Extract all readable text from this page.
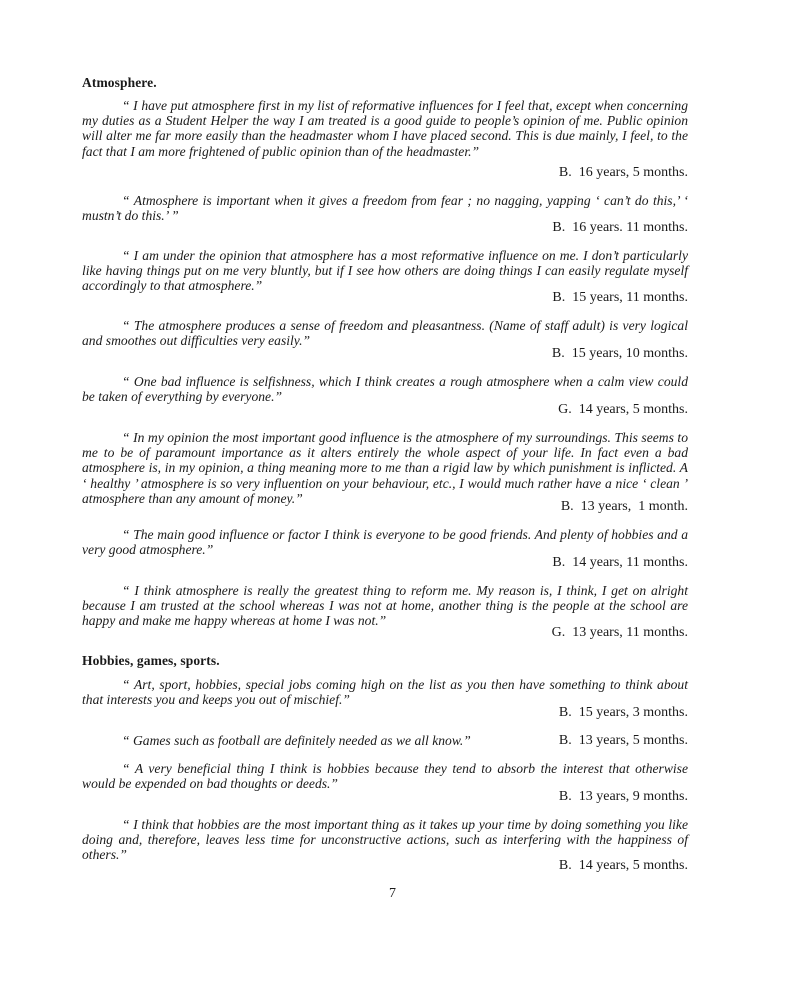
Atmosphere.
“ I have put atmosphere first in my list of reformative influences for I feel that, except when concerning my duties as a Student Helper the way I am treated is a good guide to people’s opinion of me. Public opinion will alter me far more easily than the headmaster whom I have placed second. This is due mainly, I feel, to the fact that I am more frightened of public opinion than of the headmaster.”
B.  16 years, 5 months.
“ Atmosphere is important when it gives a freedom from fear ; no nagging, yapping ‘ can’t do this,’ ‘ mustn’t do this.’ ”
B.  16 years. 11 months.
“ I am under the opinion that atmosphere has a most reformative influence on me. I don’t particularly like having things put on me very bluntly, but if I see how others are doing things I can easily regulate myself accordingly to that atmosphere.”
B.  15 years, 11 months.
“ The atmosphere produces a sense of freedom and pleasantness. (Name of staff adult) is very logical and smoothes out difficulties very easily.”
B.  15 years, 10 months.
“ One bad influence is selfishness, which I think creates a rough atmosphere when a calm view could be taken of everything by everyone.”
G.  14 years, 5 months.
“ In my opinion the most important good influence is the atmosphere of my surroundings. This seems to me to be of paramount importance as it alters entirely the whole aspect of your life. In fact even a bad atmosphere is, in my opinion, a thing meaning more to me than a rigid law by which punishment is inflicted. A ‘ healthy ’ atmosphere is so very influention on your behaviour, etc., I would much rather have a nice ‘ clean ’ atmosphere than any amount of money.”
B.  13 years,  1 month.
“ The main good influence or factor I think is everyone to be good friends. And plenty of hobbies and a very good atmosphere.”
B.  14 years, 11 months.
“ I think atmosphere is really the greatest thing to reform me. My reason is, I think, I get on alright because I am trusted at the school whereas I was not at home, another thing is the people at the school are happy and make me happy whereas at home I was not.”
G.  13 years, 11 months.
Hobbies, games, sports.
“ Art, sport, hobbies, special jobs coming high on the list as you then have something to think about that interests you and keeps you out of mischief.”
B.  15 years, 3 months.
“ Games such as football are definitely needed as we all know.”	B.  13 years, 5 months.
“ A very beneficial thing I think is hobbies because they tend to absorb the interest that otherwise would be expended on bad thoughts or deeds.”
B.  13 years, 9 months.
“ I think that hobbies are the most important thing as it takes up your time by doing something you like doing and, therefore, leaves less time for unconstructive actions, such as interfering with the happiness of others.”
B.  14 years, 5 months.
7
